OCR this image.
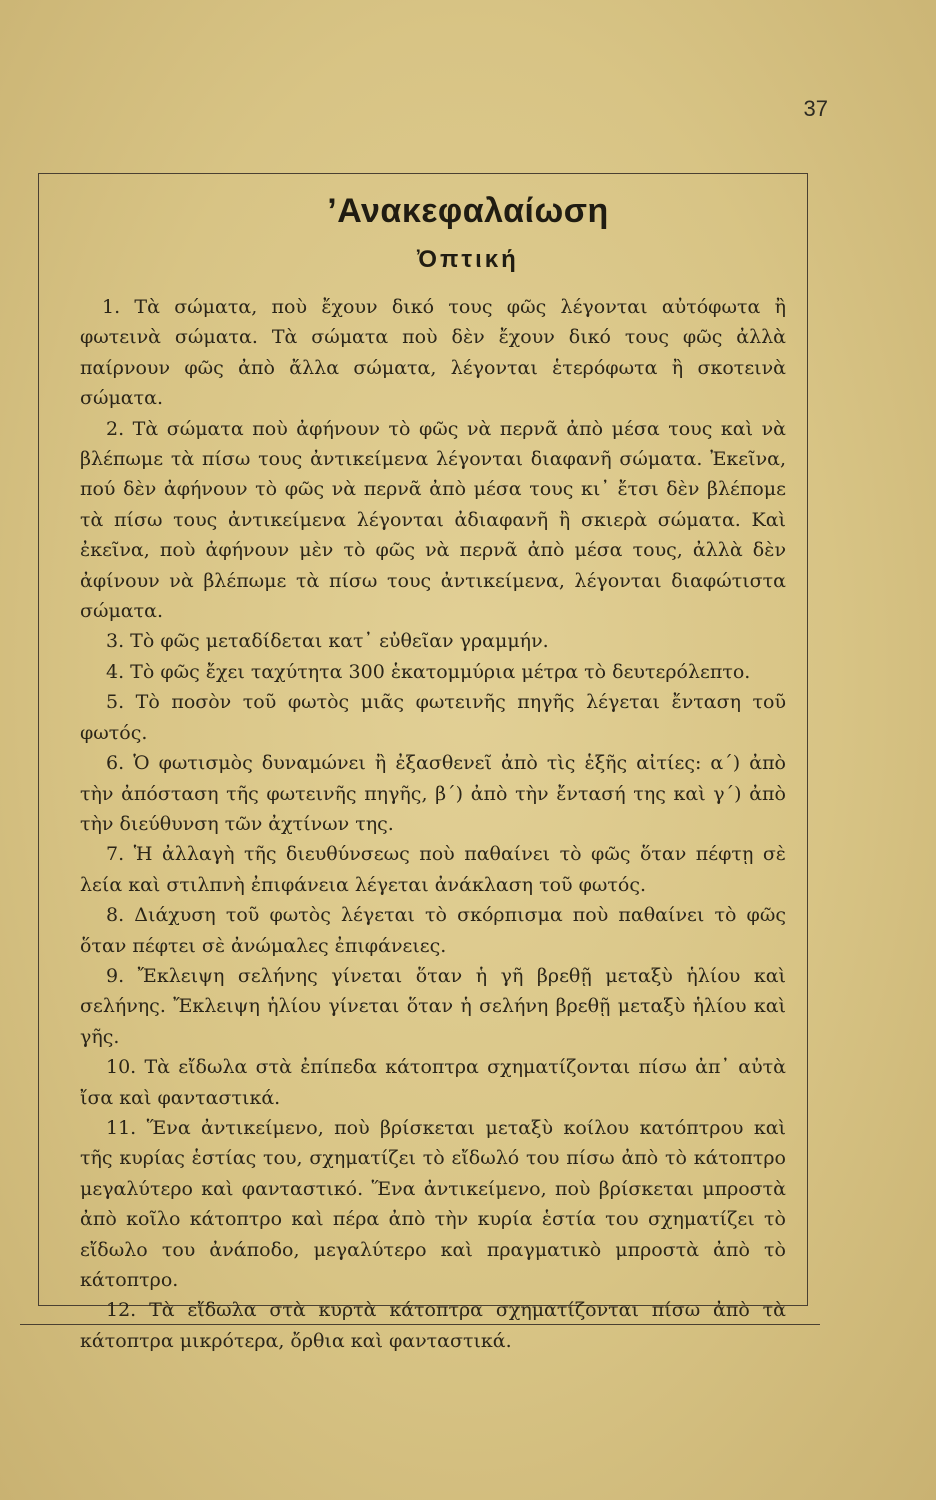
37
’Ανακεφαλαίωση
Ὀπτική

1. Τὰ σώματα, ποὺ ἔχουν δικό τους φῶς λέγονται αὐτόφωτα ἢ φωτεινὰ σώματα. Τὰ σώματα ποὺ δὲν ἔχουν δικό τους φῶς ἀλλὰ παίρνουν φῶς ἀπὸ ἄλλα σώματα, λέγονται ἑτερόφωτα ἢ σκοτεινὰ σώματα.

2. Τὰ σώματα ποὺ ἀφήνουν τὸ φῶς νὰ περνᾶ ἀπὸ μέσα τους καὶ νὰ βλέπωμε τὰ πίσω τους ἀντικείμενα λέγονται διαφανῆ σώματα. Ἐκεῖνα, πού δὲν ἀφήνουν τὸ φῶς νὰ περνᾶ ἀπὸ μέσα τους κι᾽ ἔτσι δὲν βλέπομε τὰ πίσω τους ἀντικείμενα λέγονται ἀδιαφανῆ ἢ σκιερὰ σώματα. Καὶ ἐκεῖνα, ποὺ ἀφήνουν μὲν τὸ φῶς νὰ περνᾶ ἀπὸ μέσα τους, ἀλλὰ δὲν ἀφίνουν νὰ βλέπωμε τὰ πίσω τους ἀντικείμενα, λέγονται διαφώτιστα σώματα.

3. Τὸ φῶς μεταδίδεται κατ᾽ εὐθεῖαν γραμμήν.

4. Τὸ φῶς ἔχει ταχύτητα 300 ἑκατομμύρια μέτρα τὸ δευτερόλεπτο.

5. Τὸ ποσὸν τοῦ φωτὸς μιᾶς φωτεινῆς πηγῆς λέγεται ἔνταση τοῦ φωτός.

6. Ὁ φωτισμὸς δυναμώνει ἢ ἐξασθενεῖ ἀπὸ τὶς ἑξῆς αἰτίες: α΄) ἀπὸ τὴν ἀπόσταση τῆς φωτεινῆς πηγῆς, β΄) ἀπὸ τὴν ἔντασή της καὶ γ΄) ἀπὸ τὴν διεύθυνση τῶν ἀχτίνων της.

7. Ἡ ἀλλαγὴ τῆς διευθύνσεως ποὺ παθαίνει τὸ φῶς ὅταν πέφτῃ σὲ λεία καὶ στιλπνὴ ἐπιφάνεια λέγεται ἀνάκλαση τοῦ φωτός.

8. Διάχυση τοῦ φωτὸς λέγεται τὸ σκόρπισμα ποὺ παθαίνει τὸ φῶς ὅταν πέφτει σὲ ἀνώμαλες ἐπιφάνειες.

9. Ἔκλειψη σελήνης γίνεται ὅταν ἡ γῆ βρεθῇ μεταξὺ ἡλίου καὶ σελήνης. Ἔκλειψη ἡλίου γίνεται ὅταν ἡ σελήνη βρεθῇ μεταξὺ ἡλίου καὶ γῆς.

10. Τὰ εἴδωλα στὰ ἐπίπεδα κάτοπτρα σχηματίζονται πίσω ἀπ᾽ αὐτὰ ἴσα καὶ φανταστικά.

11. Ἕνα ἀντικείμενο, ποὺ βρίσκεται μεταξὺ κοίλου κατόπτρου καὶ τῆς κυρίας ἑστίας του, σχηματίζει τὸ εἴδωλό του πίσω ἀπὸ τὸ κάτοπτρο μεγαλύτερο καὶ φανταστικό. Ἕνα ἀντικείμενο, ποὺ βρίσκεται μπροστὰ ἀπὸ κοῖλο κάτοπτρο καὶ πέρα ἀπὸ τὴν κυρία ἑστία του σχηματίζει τὸ εἴδωλο του ἀνάποδο, μεγαλύτερο καὶ πραγματικὸ μπροστὰ ἀπὸ τὸ κάτοπτρο.

12. Τὰ εἴδωλα στὰ κυρτὰ κάτοπτρα σχηματίζονται πίσω ἀπὸ τὰ κάτοπτρα μικρότερα, ὄρθια καὶ φανταστικά.
